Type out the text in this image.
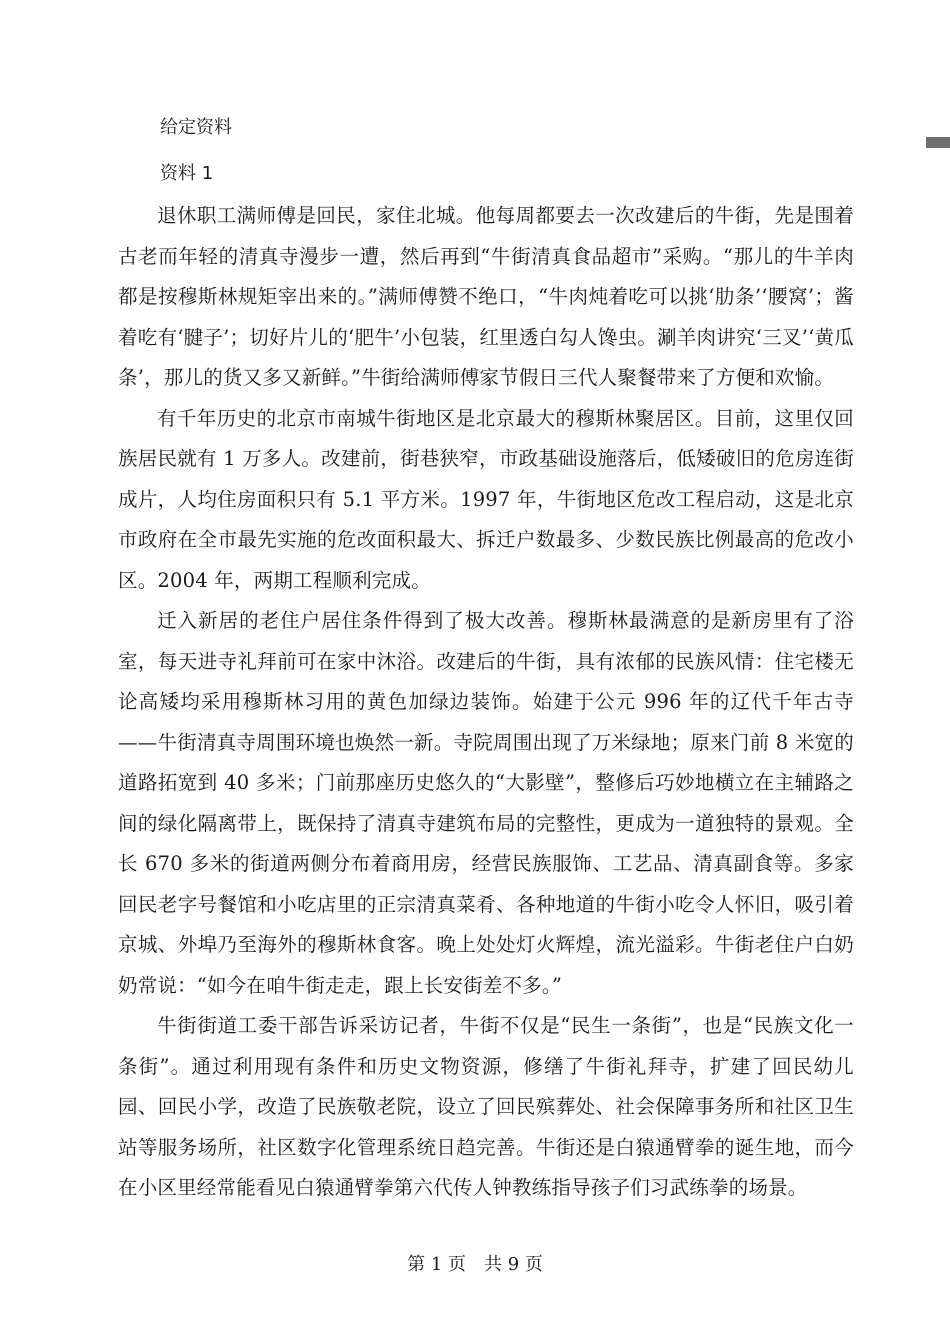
给定资料
资料 1

退休职工满师傅是回民，家住北城。他每周都要去一次改建后的牛街，先是围着古老而年轻的清真寺漫步一遭，然后再到“牛街清真食品超市”采购。“那儿的牛羊肉都是按穆斯林规矩宰出来的。”满师傅赞不绝口，“牛肉炖着吃可以挑‘肋条’‘腰窝’；酱着吃有‘腱子’；切好片儿的‘肥牛’小包装，红里透白勾人馋虫。涮羊肉讲究‘三叉’‘黄瓜条’，那儿的货又多又新鲜。”牛街给满师傅家节假日三代人聚餐带来了方便和欢愉。

有千年历史的北京市南城牛街地区是北京最大的穆斯林聚居区。目前，这里仅回族居民就有 1 万多人。改建前，街巷狭窄，市政基础设施落后，低矮破旧的危房连街成片，人均住房面积只有 5.1 平方米。1997 年，牛街地区危改工程启动，这是北京市政府在全市最先实施的危改面积最大、拆迁户数最多、少数民族比例最高的危改小区。2004 年，两期工程顺利完成。

迁入新居的老住户居住条件得到了极大改善。穆斯林最满意的是新房里有了浴室，每天进寺礼拜前可在家中沐浴。改建后的牛街，具有浓郁的民族风情：住宅楼无论高矮均采用穆斯林习用的黄色加绿边装饰。始建于公元 996 年的辽代千年古寺——牛街清真寺周围环境也焕然一新。寺院周围出现了万米绿地；原来门前 8 米宽的道路拓宽到 40 多米；门前那座历史悠久的“大影壁”，整修后巧妙地横立在主辅路之间的绿化隔离带上，既保持了清真寺建筑布局的完整性，更成为一道独特的景观。全长 670 多米的街道两侧分布着商用房，经营民族服饰、工艺品、清真副食等。多家回民老字号餐馆和小吃店里的正宗清真菜肴、各种地道的牛街小吃令人怀旧，吸引着京城、外埠乃至海外的穆斯林食客。晚上处处灯火辉煌，流光溢彩。牛街老住户白奶奶常说：“如今在咱牛街走走，跟上长安街差不多。”

牛街街道工委干部告诉采访记者，牛街不仅是“民生一条街”，也是“民族文化一条街”。通过利用现有条件和历史文物资源，修缮了牛街礼拜寺，扩建了回民幼儿园、回民小学，改造了民族敬老院，设立了回民殡葬处、社会保障事务所和社区卫生站等服务场所，社区数字化管理系统日趋完善。牛街还是白猿通臂拳的诞生地，而今在小区里经常能看见白猿通臂拳第六代传人钟教练指导孩子们习武练拳的场景。

第 1 页　共 9 页
